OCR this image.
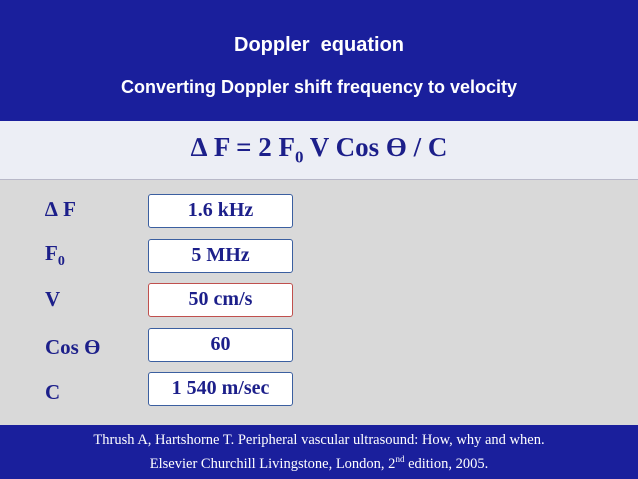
Doppler  equation
Converting Doppler shift frequency to velocity
∆ F = 2 $F_0$ V Cos Ɵ / C
∆ F	1.6 kHz
$F_0$	5 MHz
V	50 cm/s
Cos Ɵ	60
C	1 540 m/sec
Thrush A, Hartshorne T. Peripheral vascular ultrasound: How, why and when.
Elsevier Churchill Livingstone, London, 2nd edition, 2005.
